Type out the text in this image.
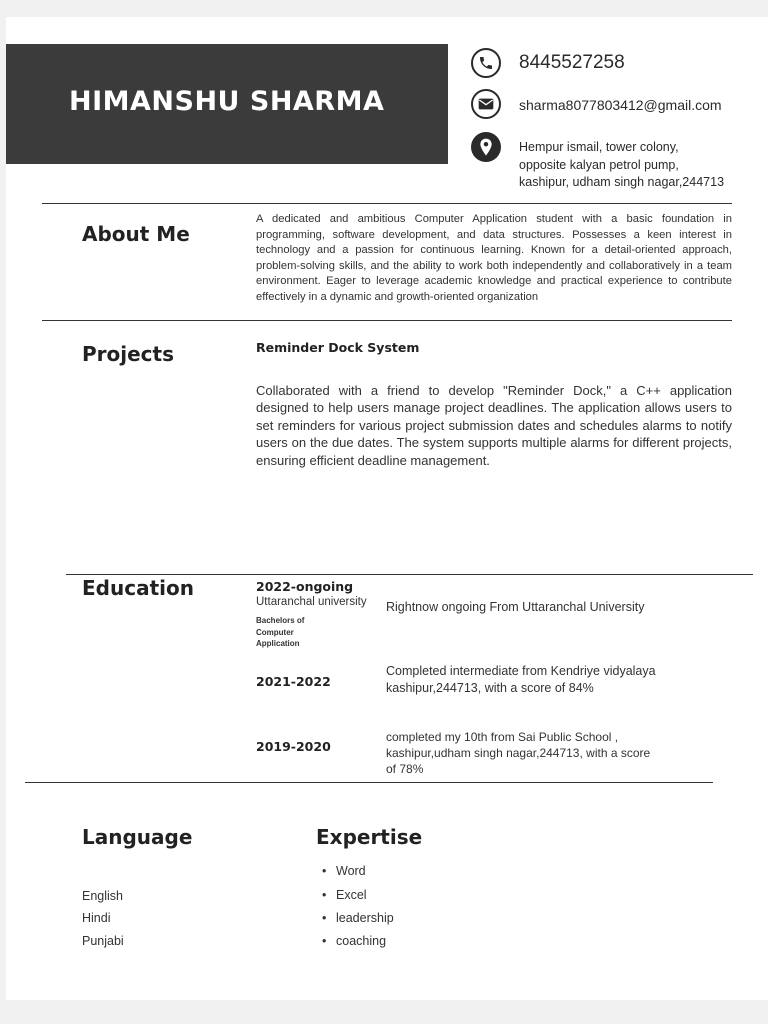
HIMANSHU SHARMA
8445527258
sharma8077803412@gmail.com
Hempur ismail, tower colony,
opposite kalyan petrol pump,
kashipur, udham singh nagar,244713
About Me
A dedicated and ambitious Computer Application student with a basic foundation in programming, software development, and data structures. Possesses a keen interest in technology and a passion for continuous learning. Known for a detail-oriented approach, problem-solving skills, and the ability to work both independently and collaboratively in a team environment. Eager to leverage academic knowledge and practical experience to contribute effectively in a dynamic and growth-oriented organization
Projects	Reminder Dock System
Collaborated with a friend to develop "Reminder Dock," a C++ application designed to help users manage project deadlines. The application allows users to set reminders for various project submission dates and schedules alarms to notify users on the due dates. The system supports multiple alarms for different projects, ensuring efficient deadline management.
Education	2022-ongoing
Uttaranchal university
Bachelors of
Computer
Application
Rightnow ongoing From Uttaranchal University
2021-2022
Completed intermediate from Kendriye vidyalaya
kashipur,244713, with a score of 84%
2019-2020
completed my 10th from Sai Public School ,
kashipur,udham singh nagar,244713, with a score
of 78%
Language
English
Hindi
Punjabi
Expertise
• Word
• Excel
• leadership
• coaching
